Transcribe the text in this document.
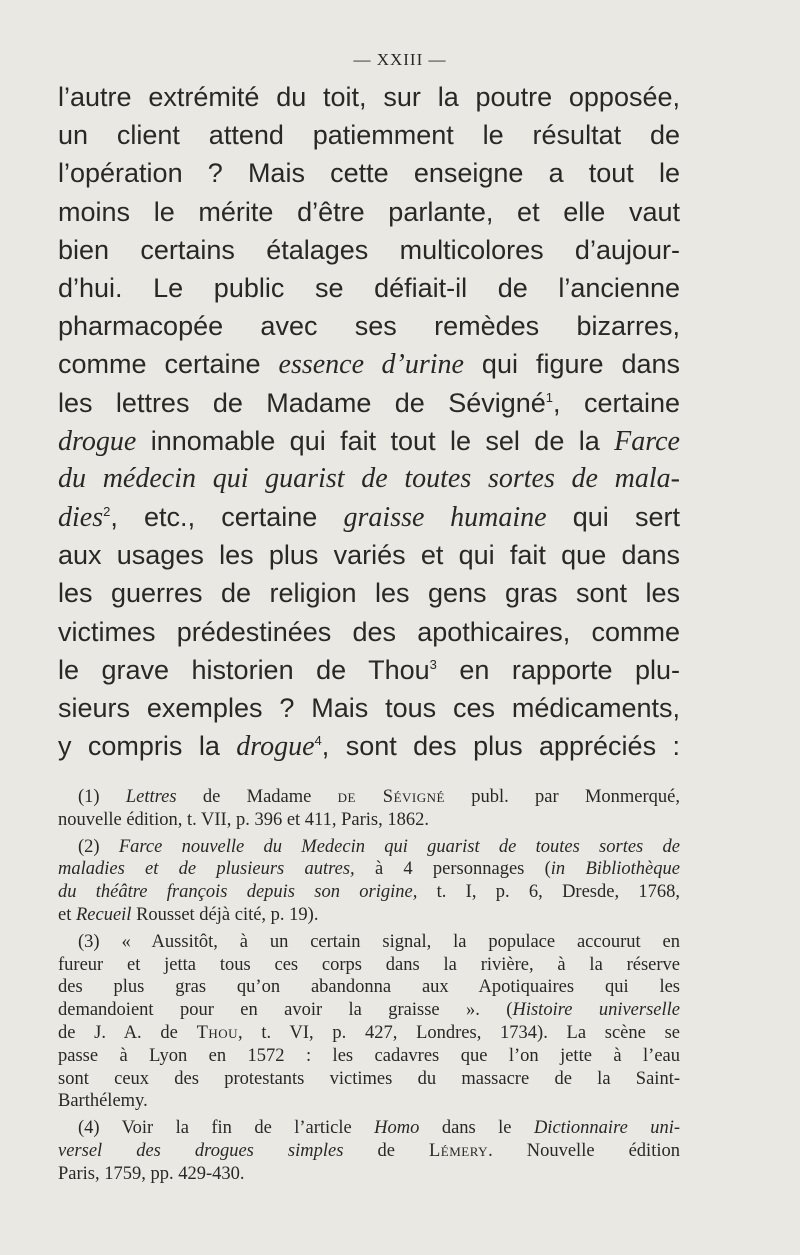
— XXIII —
l’autre extrémité du toit, sur la poutre opposée,
un client attend patiemment le résultat de
l’opération ? Mais cette enseigne a tout le
moins le mérite d’être parlante, et elle vaut
bien certains étalages multicolores d’aujour-
d’hui. Le public se défiait-il de l’ancienne
pharmacopée avec ses remèdes bizarres,
comme certaine essence d’urine qui figure dans
les lettres de Madame de Sévigné$^1$, certaine
drogue innomable qui fait tout le sel de la Farce
du médecin qui guarist de toutes sortes de mala-
dies$^2$, etc., certaine graisse humaine qui sert
aux usages les plus variés et qui fait que dans
les guerres de religion les gens gras sont les
victimes prédestinées des apothicaires, comme
le grave historien de Thou$^3$ en rapporte plu-
sieurs exemples ? Mais tous ces médicaments,
y compris la drogue$^4$, sont des plus appréciés :
(1) Lettres de Madame de Sévigné publ. par Monmerqué,
nouvelle édition, t. VII, p. 396 et 411, Paris, 1862.
(2) Farce nouvelle du Medecin qui guarist de toutes sortes de
maladies et de plusieurs autres, à 4 personnages (in Bibliothèque
du théâtre françois depuis son origine, t. I, p. 6, Dresde, 1768,
et Recueil Rousset déjà cité, p. 19).
(3) « Aussitôt, à un certain signal, la populace accourut en
fureur et jetta tous ces corps dans la rivière, à la réserve
des plus gras qu’on abandonna aux Apotiquaires qui les
demandoient pour en avoir la graisse ». (Histoire universelle
de J. A. de Thou, t. VI, p. 427, Londres, 1734). La scène se
passe à Lyon en 1572 : les cadavres que l’on jette à l’eau
sont ceux des protestants victimes du massacre de la Saint-
Barthélemy.
(4) Voir la fin de l’article Homo dans le Dictionnaire uni-
versel des drogues simples de Lémery. Nouvelle édition
Paris, 1759, pp. 429-430.
